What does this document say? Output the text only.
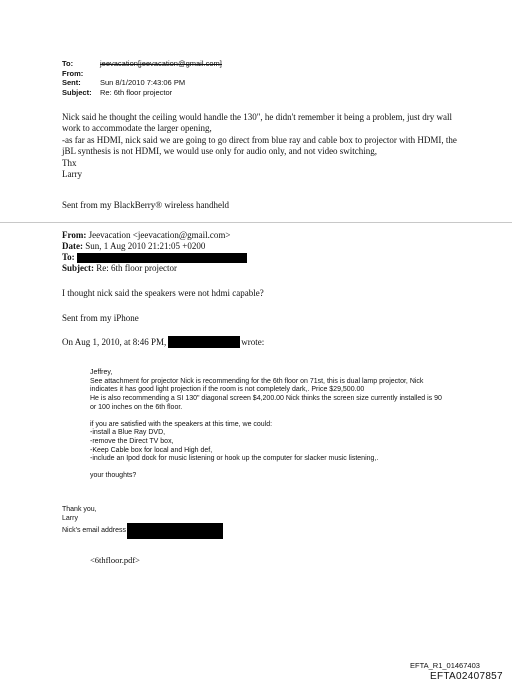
To:
From:
Sent:	Sun 8/1/2010 7:43:06 PM
Subject:	Re: 6th floor projector

Nick said he thought the ceiling would handle the 130", he didn't remember it being a problem, just dry wall work to accommodate the larger opening,

-as far as HDMI, nick said we are going to go direct from blue ray and cable box to projector with HDMI, the jBL synthesis is not HDMI, we would use only for audio only, and not video switching,

Thx

Larry

Sent from my BlackBerry® wireless handheld
From:
Jeevacation <jeevacation@gmail.com>
Date:
Sun, 1 Aug 2010 21:21:05 +0200
To:
Subject:
Re: 6th floor projector
I thought nick said the speakers were not hdmi capable?
Sent from my iPhone
On Aug 1, 2010, at 8:46 PM,	wrote:

Jeffrey,

See attachment for projector Nick is recommending for the 6th floor on 71st, this is dual lamp projector, Nick indicates it has good light projection if the room is not completely dark,. Price $29,500.00

He is also recommending a SI 130" diagonal screen $4,200.00 Nick thinks the screen size currently installed is 90 or 100 inches on the 6th floor.

if you are satisfied with the speakers at this time, we could:

-install a Blue Ray DVD,

-remove the Direct TV box,

-Keep Cable box for local and High def,

-include an Ipod dock for music listening or hook up the computer for slacker music listening,.

your thoughts?

Thank you,
Larry
Nick's email address
<6thfloor.pdf>
EFTA_R1_01467403
EFTA02407857
